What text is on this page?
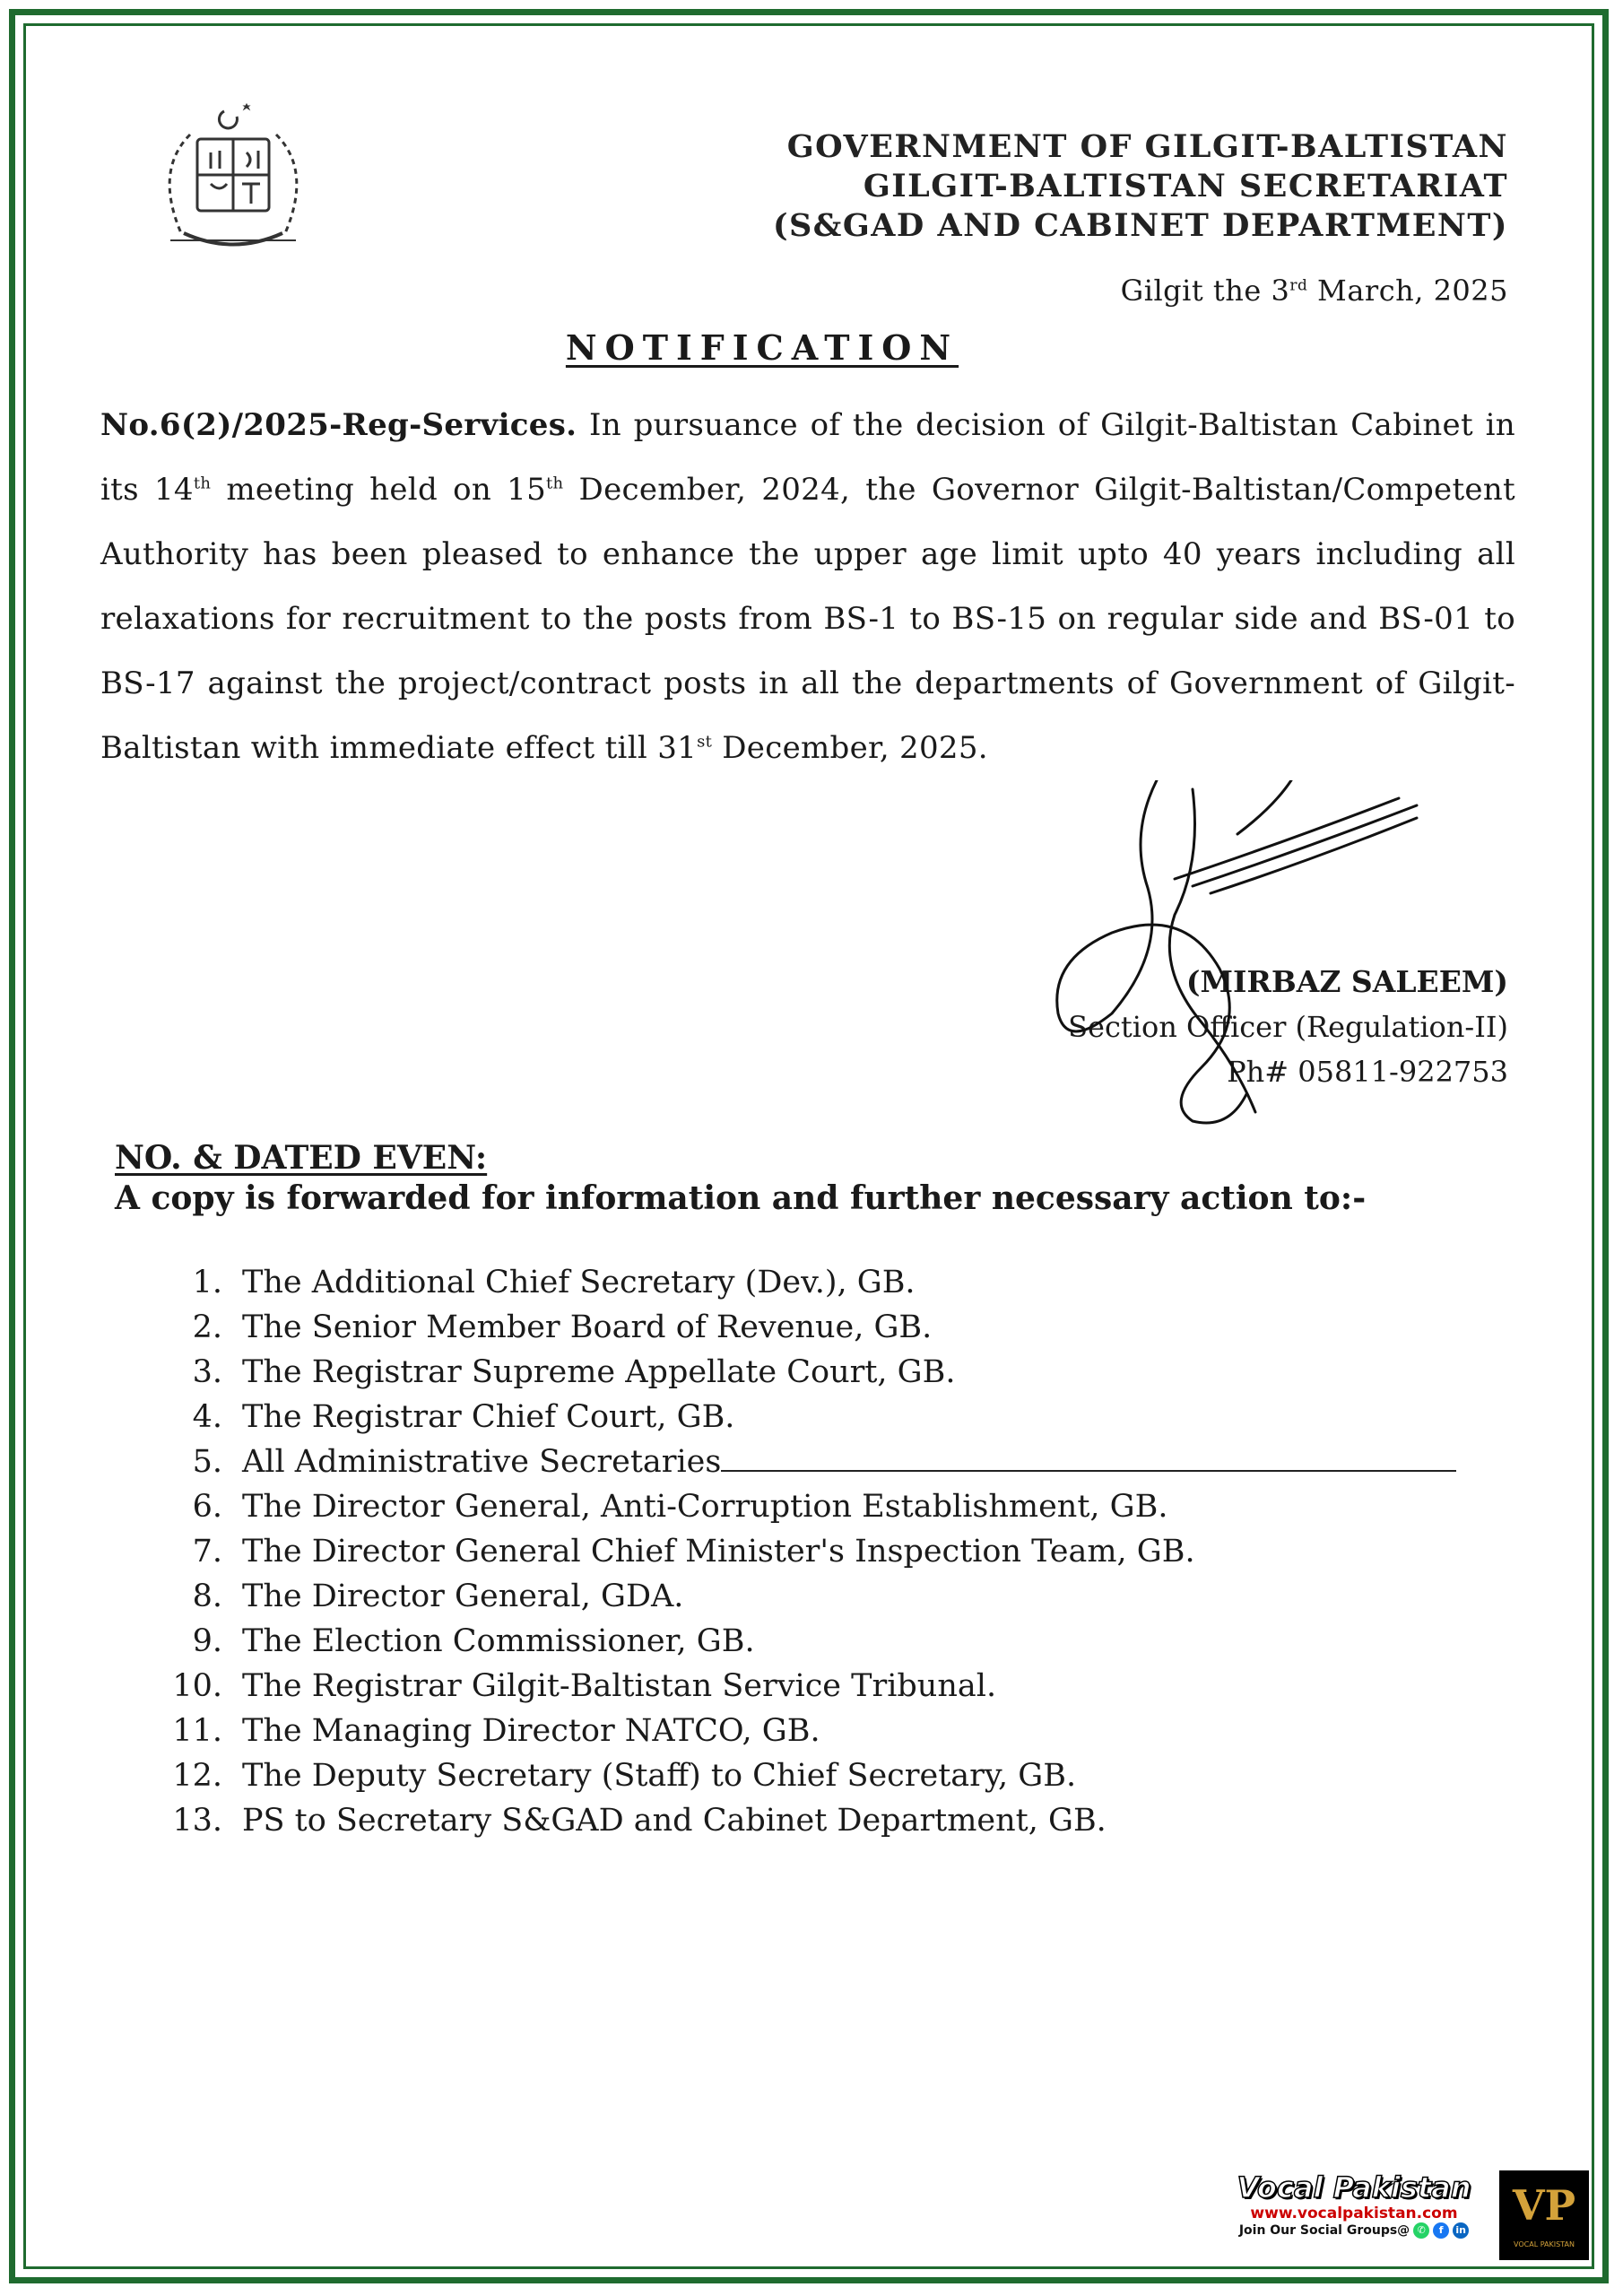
GOVERNMENT OF GILGIT-BALTISTAN
GILGIT-BALTISTAN SECRETARIAT
(S&GAD AND CABINET DEPARTMENT)
Gilgit the 3rd March, 2025
NOTIFICATION
No.6(2)/2025-Reg-Services. In pursuance of the decision of Gilgit-Baltistan Cabinet in its 14th meeting held on 15th December, 2024, the Governor Gilgit-Baltistan/Competent Authority has been pleased to enhance the upper age limit upto 40 years including all relaxations for recruitment to the posts from BS-1 to BS-15 on regular side and BS-01 to BS-17 against the project/contract posts in all the departments of Government of Gilgit-Baltistan with immediate effect till 31st December, 2025.
(MIRBAZ SALEEM)
Section Officer (Regulation-II)
Ph# 05811-922753
NO. & DATED EVEN:
A copy is forwarded for information and further necessary action to:-
1. The Additional Chief Secretary (Dev.), GB.
2. The Senior Member Board of Revenue, GB.
3. The Registrar Supreme Appellate Court, GB.
4. The Registrar Chief Court, GB.
5. All Administrative Secretaries
6. The Director General, Anti-Corruption Establishment, GB.
7. The Director General Chief Minister's Inspection Team, GB.
8. The Director General, GDA.
9. The Election Commissioner, GB.
10. The Registrar Gilgit-Baltistan Service Tribunal.
11. The Managing Director NATCO, GB.
12. The Deputy Secretary (Staff) to Chief Secretary, GB.
13. PS to Secretary S&GAD and Cabinet Department, GB.
Vocal Pakistan
www.vocalpakistan.com
Join Our Social Groups@ ✆	f	in
VP
VOCAL PAKISTAN
